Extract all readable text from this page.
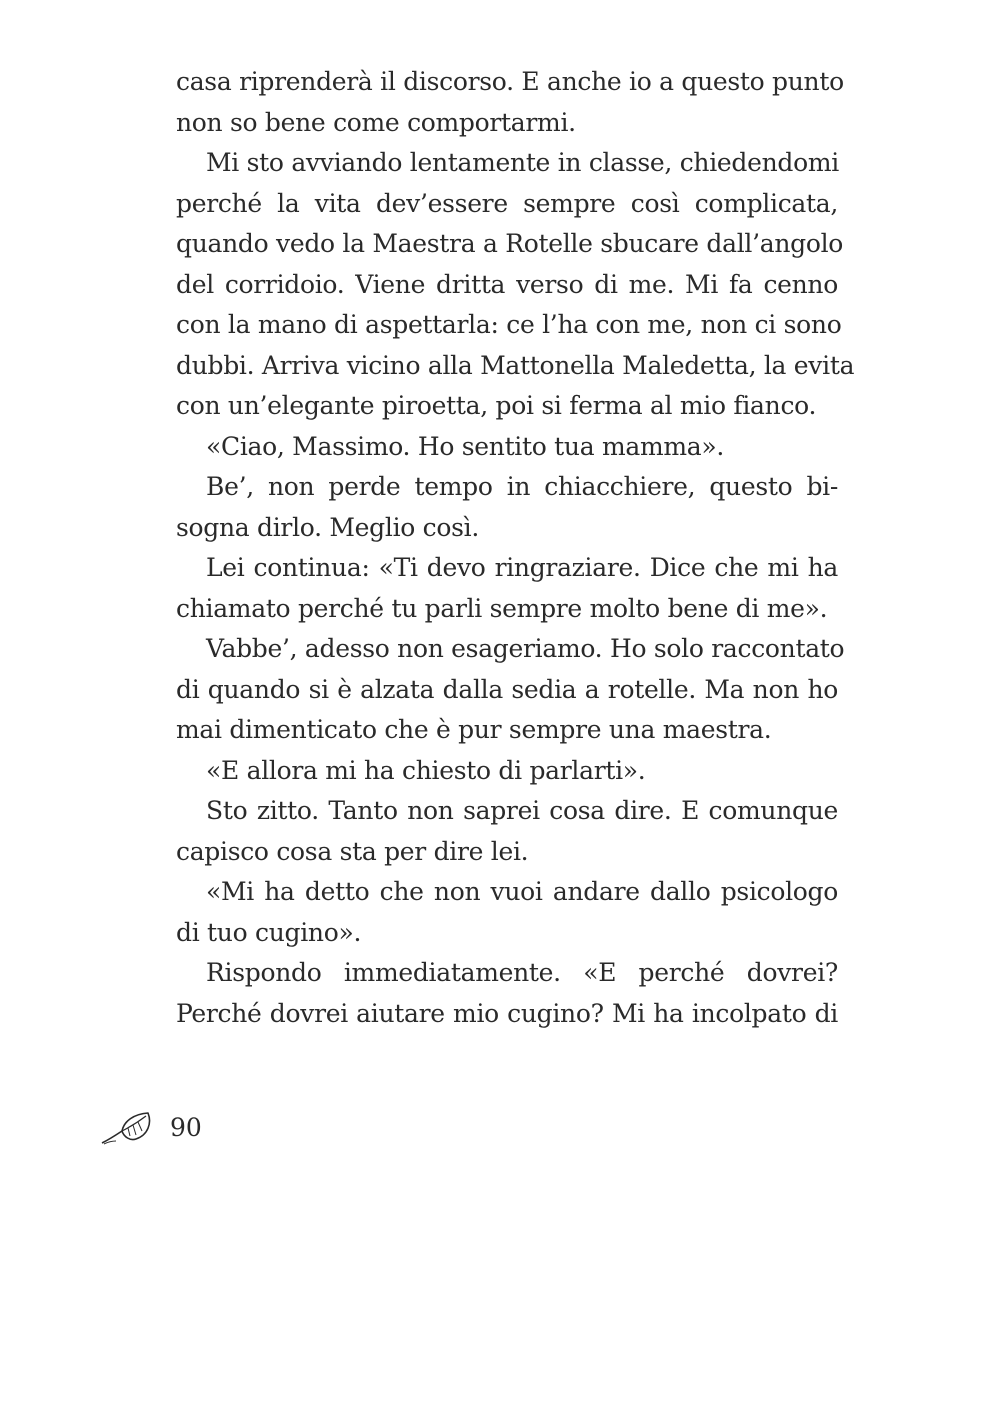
casa riprenderà il discorso. E anche io a questo punto
non so bene come comportarmi.
Mi sto avviando lentamente in classe, chiedendomi
perché la vita dev’essere sempre così complicata,
quando vedo la Maestra a Rotelle sbucare dall’angolo
del corridoio. Viene dritta verso di me. Mi fa cenno
con la mano di aspettarla: ce l’ha con me, non ci sono
dubbi. Arriva vicino alla Mattonella Maledetta, la evita
con un’elegante piroetta, poi si ferma al mio fianco.
«Ciao, Massimo. Ho sentito tua mamma».
Be’, non perde tempo in chiacchiere, questo bi-
sogna dirlo. Meglio così.
Lei continua: «Ti devo ringraziare. Dice che mi ha
chiamato perché tu parli sempre molto bene di me».
Vabbe’, adesso non esageriamo. Ho solo raccontato
di quando si è alzata dalla sedia a rotelle. Ma non ho
mai dimenticato che è pur sempre una maestra.
«E allora mi ha chiesto di parlarti».
Sto zitto. Tanto non saprei cosa dire. E comunque
capisco cosa sta per dire lei.
«Mi ha detto che non vuoi andare dallo psicologo
di tuo cugino».
Rispondo immediatamente. «E perché dovrei?
Perché dovrei aiutare mio cugino? Mi ha incolpato di
90
